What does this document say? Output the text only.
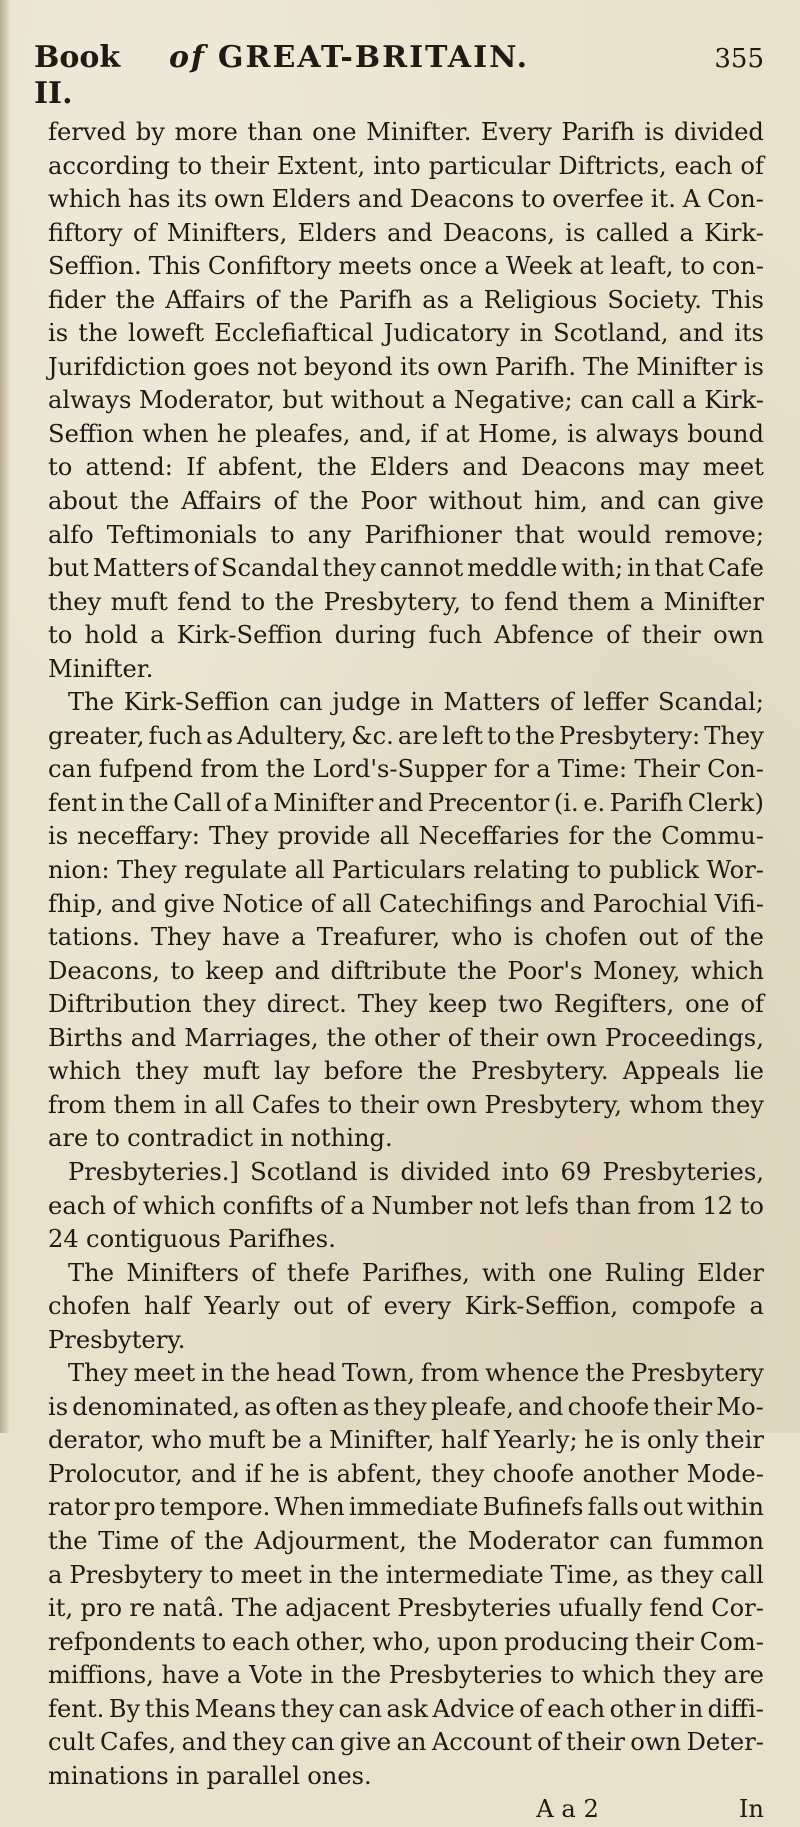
Book II.
of GREAT-BRITAIN.	355
ferved by more than one Minifter. Every Parifh is divided
according to their Extent, into particular Diftricts, each of
which has its own Elders and Deacons to overfee it. A Con-
fiftory of Minifters, Elders and Deacons, is called a Kirk-
Seffion. This Confiftory meets once a Week at leaft, to con-
fider the Affairs of the Parifh as a Religious Society. This
is the loweft Ecclefiaftical Judicatory in Scotland, and its
Jurifdiction goes not beyond its own Parifh. The Minifter is
always Moderator, but without a Negative; can call a Kirk-
Seffion when he pleafes, and, if at Home, is always bound
to attend: If abfent, the Elders and Deacons may meet
about the Affairs of the Poor without him, and can give
alfo Teftimonials to any Parifhioner that would remove;
but Matters of Scandal they cannot meddle with; in that Cafe
they muft fend to the Presbytery, to fend them a Minifter
to hold a Kirk-Seffion during fuch Abfence of their own
Minifter.
The Kirk-Seffion can judge in Matters of leffer Scandal;
greater, fuch as Adultery, &c. are left to the Presbytery: They
can fufpend from the Lord's-Supper for a Time: Their Con-
fent in the Call of a Minifter and Precentor (i. e. Parifh Clerk)
is neceffary: They provide all Neceffaries for the Commu-
nion: They regulate all Particulars relating to publick Wor-
fhip, and give Notice of all Catechifings and Parochial Vifi-
tations. They have a Treafurer, who is chofen out of the
Deacons, to keep and diftribute the Poor's Money, which
Diftribution they direct. They keep two Regifters, one of
Births and Marriages, the other of their own Proceedings,
which they muft lay before the Presbytery. Appeals lie
from them in all Cafes to their own Presbytery, whom they
are to contradict in nothing.
Presbyteries.] Scotland is divided into 69 Presbyteries,
each of which confifts of a Number not lefs than from 12 to
24 contiguous Parifhes.
The Minifters of thefe Parifhes, with one Ruling Elder
chofen half Yearly out of every Kirk-Seffion, compofe a
Presbytery.
They meet in the head Town, from whence the Presbytery
is denominated, as often as they pleafe, and choofe their Mo-
derator, who muft be a Minifter, half Yearly; he is only their
Prolocutor, and if he is abfent, they choofe another Mode-
rator pro tempore. When immediate Bufinefs falls out within
the Time of the Adjourment, the Moderator can fummon
a Presbytery to meet in the intermediate Time, as they call
it, pro re natâ. The adjacent Presbyteries ufually fend Cor-
refpondents to each other, who, upon producing their Com-
miffions, have a Vote in the Presbyteries to which they are
fent. By this Means they can ask Advice of each other in diffi-
cult Cafes, and they can give an Account of their own Deter-
minations in parallel ones.
A a 2	In
